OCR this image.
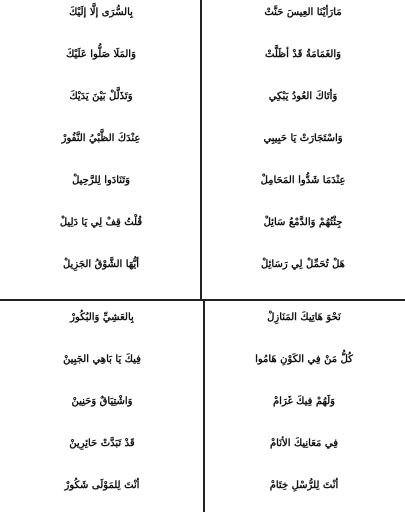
مَارَأيْنَا العِيسَ حَنَّتْ
وَالغَمَامَةُ قَدْ أظَلَّتْ
وَأتَاكَ العُودُ يَبْكِي
وَاسْتَجَارَتْ يَا حَبِيبِي
عِنْدَمَا شَدُّوا المَحَامِلْ
جِئْتُهُمْ وَالدَّمْعُ سَائِلْ
هَلْ تُحَمِّلْ لِي رَسَائِلْ
بِالسُّرَى إلَّا إلَيْكَ
وَالمَلَا صَلُّوا عَلَيْكَ
وَتَذَلَّلْ بَيْنَ يَدَيْكَ
عِنْدَكَ الظَّبْيُ النَّفُورْ
وَتَنَادَوا لِلرَّحِيلْ
قُلْتُ قِفْ لِي يَا دَلِيلْ
أيُّهَا الشَّوْقُ الجَزِيلْ
نَحْوَ هَاتِيكَ المَنَازِلْ
كُلُّ مَنْ فِي الكَوْنِ هَامُوا
وَلَهُمْ فِيكَ غَرَامْ
فِي مَعَانِيكَ الأنَامْ
أنْتَ لِلرُّسْلِ خِتَامْ
بِالعَشِيِّ وَالبُكُورْ
فِيكَ يَا بَاهِي الجَبِينْ
وَاشْتِيَاقٌ وَحَنِينْ
قَدْ تَبَدَّتْ حَائِرِينْ
أنْتَ لِلمَوْلَى شَكُورْ
